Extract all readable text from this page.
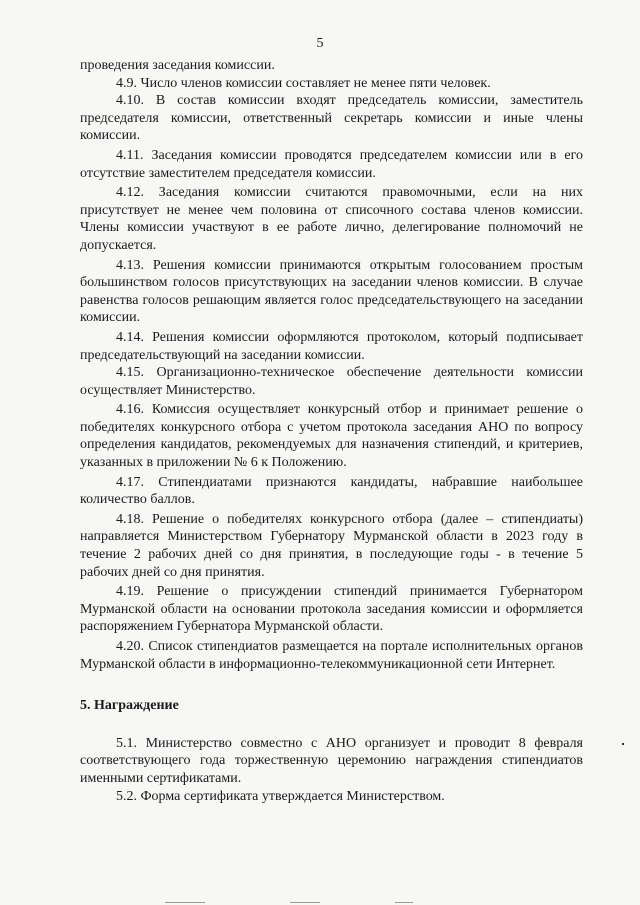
5

проведения заседания комиссии.

4.9. Число членов комиссии составляет не менее пяти человек.

4.10. В состав комиссии входят председатель комиссии, заместитель председателя комиссии, ответственный секретарь комиссии и иные члены комиссии.

4.11. Заседания комиссии проводятся председателем комиссии или в его отсутствие заместителем председателя комиссии.

4.12. Заседания комиссии считаются правомочными, если на них присутствует не менее чем половина от списочного состава членов комиссии. Члены комиссии участвуют в ее работе лично, делегирование полномочий не допускается.

4.13. Решения комиссии принимаются открытым голосованием простым большинством голосов присутствующих на заседании членов комиссии. В случае равенства голосов решающим является голос председательствующего на заседании комиссии.

4.14. Решения комиссии оформляются протоколом, который подписывает председательствующий на заседании комиссии.

4.15. Организационно-техническое обеспечение деятельности комиссии осуществляет Министерство.

4.16. Комиссия осуществляет конкурсный отбор и принимает решение о победителях конкурсного отбора с учетом протокола заседания АНО по вопросу определения кандидатов, рекомендуемых для назначения стипендий, и критериев, указанных в приложении № 6 к Положению.

4.17. Стипендиатами признаются кандидаты, набравшие наибольшее количество баллов.

4.18. Решение о победителях конкурсного отбора (далее – стипендиаты) направляется Министерством Губернатору Мурманской области в 2023 году в течение 2 рабочих дней со дня принятия, в последующие годы - в течение 5 рабочих дней со дня принятия.

4.19. Решение о присуждении стипендий принимается Губернатором Мурманской области на основании протокола заседания комиссии и оформляется распоряжением Губернатора Мурманской области.

4.20. Список стипендиатов размещается на портале исполнительных органов Мурманской области в информационно-телекоммуникационной сети Интернет.

5. Награждение

5.1. Министерство совместно с АНО организует и проводит 8 февраля соответствующего года торжественную церемонию награждения стипендиатов именными сертификатами.

5.2. Форма сертификата утверждается Министерством.
